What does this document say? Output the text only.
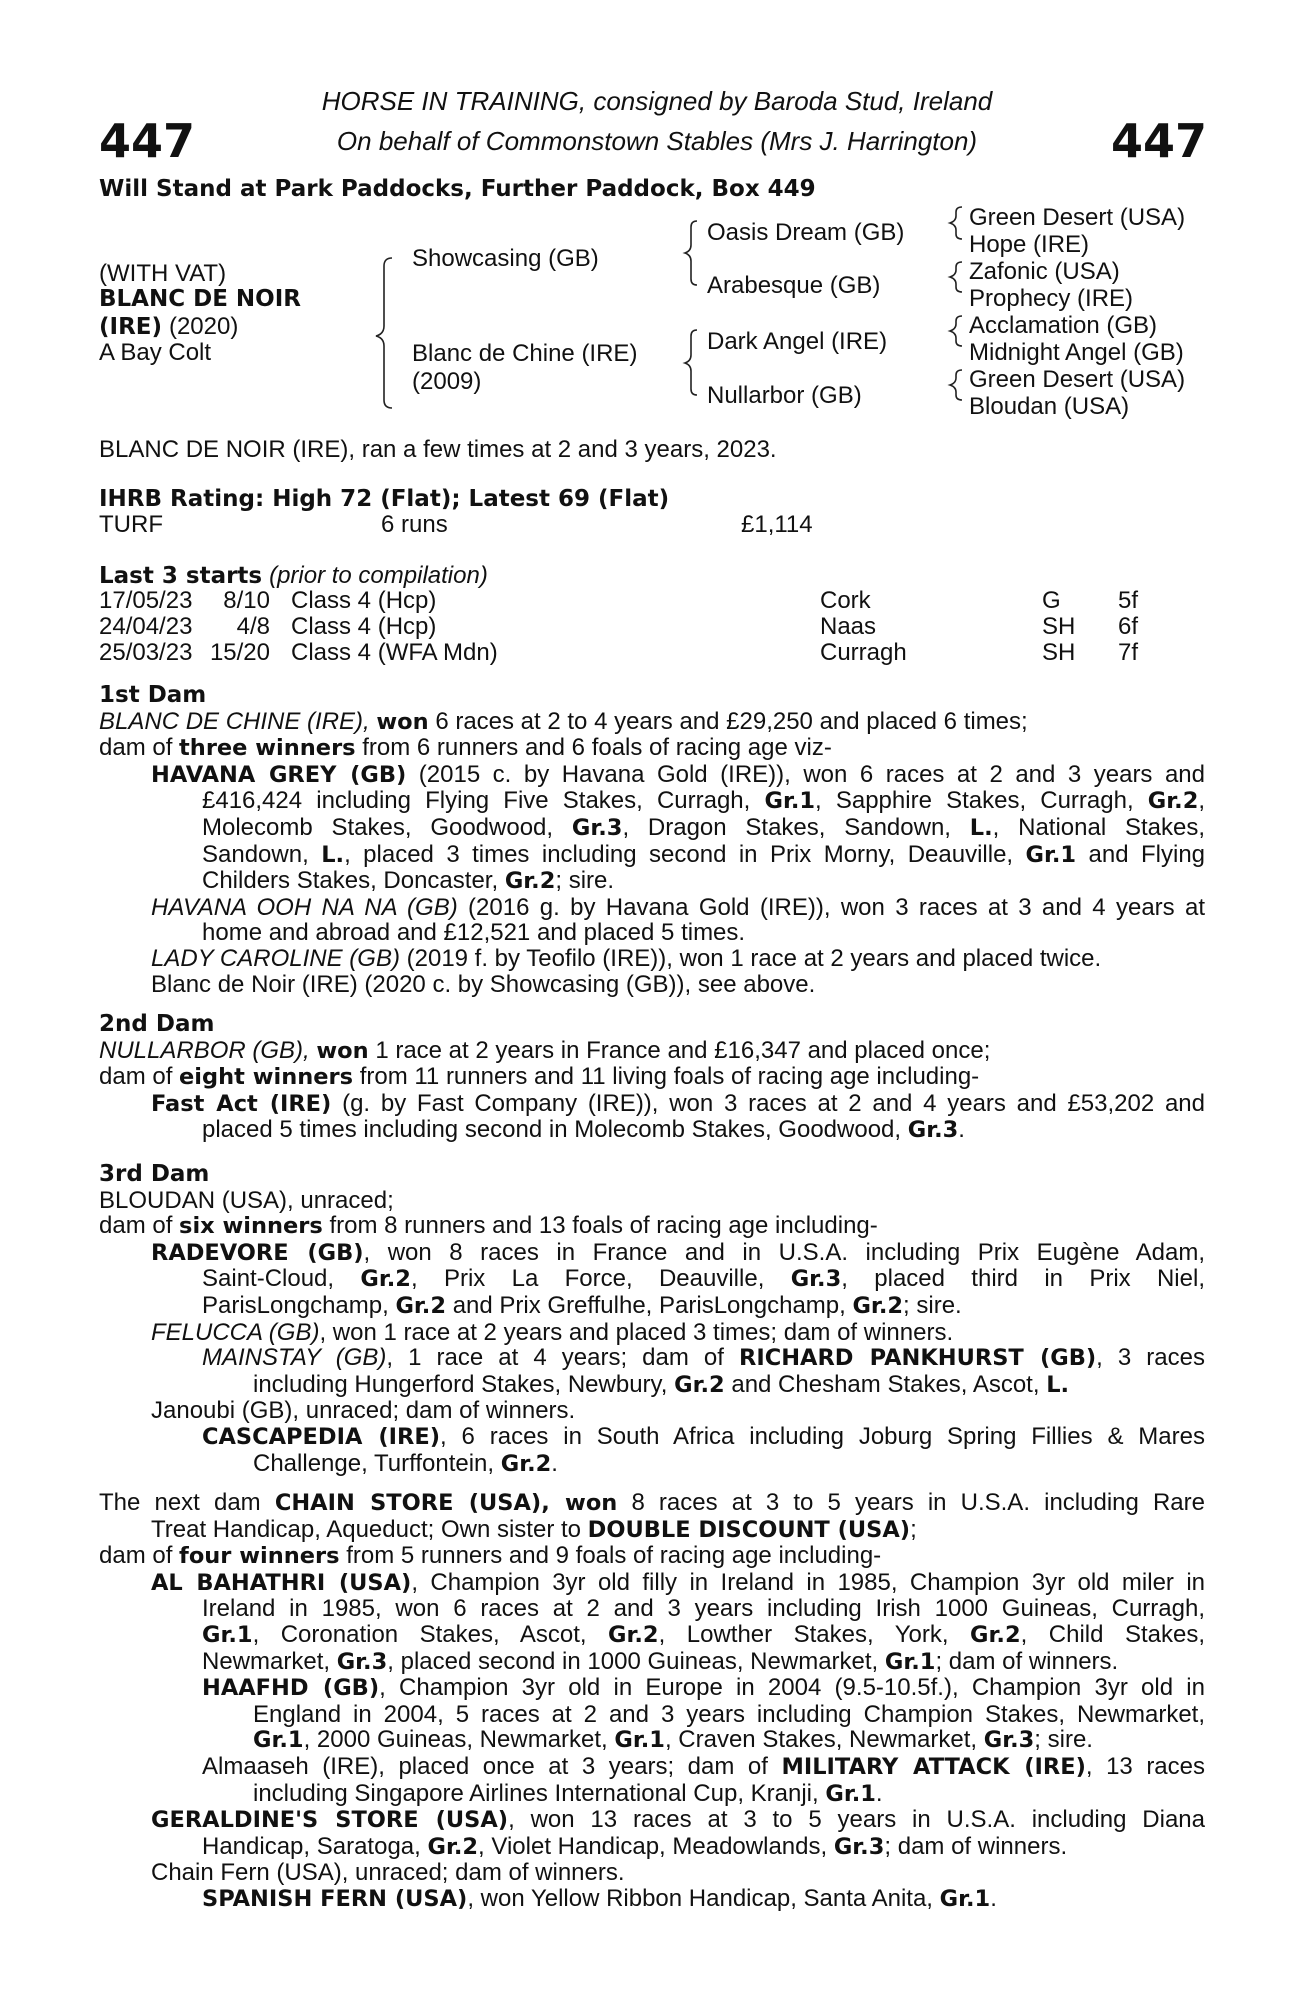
447	447
HORSE IN TRAINING, consigned by Baroda Stud, Ireland
On behalf of Commonstown Stables (Mrs J. Harrington)
Will Stand at Park Paddocks, Further Paddock, Box 449
(WITH VAT)
BLANC DE NOIR
(IRE) (2020)
A Bay Colt
Showcasing (GB)
Blanc de Chine (IRE)
(2009)
Oasis Dream (GB)
Arabesque (GB)
Dark Angel (IRE)
Nullarbor (GB)
Green Desert (USA)
Hope (IRE)
Zafonic (USA)
Prophecy (IRE)
Acclamation (GB)
Midnight Angel (GB)
Green Desert (USA)
Bloudan (USA)
BLANC DE NOIR (IRE), ran a few times at 2 and 3 years, 2023.
IHRB Rating: High 72 (Flat); Latest 69 (Flat)
TURF	6 runs	£1,114
Last 3 starts (prior to compilation)
17/05/23	8/10 Class 4 (Hcp)	Cork	G 5f
24/04/23	4/8 Class 4 (Hcp)	Naas	SH 6f
25/03/23 15/20 Class 4 (WFA Mdn)	Curragh	SH 7f
1st Dam
BLANC DE CHINE (IRE), won 6 races at 2 to 4 years and £29,250 and placed 6 times;
dam of three winners from 6 runners and 6 foals of racing age viz-
HAVANA GREY (GB) (2015 c. by Havana Gold (IRE)), won 6 races at 2 and 3 years and
£416,424 including Flying Five Stakes, Curragh, Gr.1, Sapphire Stakes, Curragh, Gr.2,
Molecomb Stakes, Goodwood, Gr.3, Dragon Stakes, Sandown, L., National Stakes,
Sandown, L., placed 3 times including second in Prix Morny, Deauville, Gr.1 and Flying
Childers Stakes, Doncaster, Gr.2; sire.
HAVANA OOH NA NA (GB) (2016 g. by Havana Gold (IRE)), won 3 races at 3 and 4 years at
home and abroad and £12,521 and placed 5 times.
LADY CAROLINE (GB) (2019 f. by Teofilo (IRE)), won 1 race at 2 years and placed twice.
Blanc de Noir (IRE) (2020 c. by Showcasing (GB)), see above.
2nd Dam
NULLARBOR (GB), won 1 race at 2 years in France and £16,347 and placed once;
dam of eight winners from 11 runners and 11 living foals of racing age including-
Fast Act (IRE) (g. by Fast Company (IRE)), won 3 races at 2 and 4 years and £53,202 and
placed 5 times including second in Molecomb Stakes, Goodwood, Gr.3.
3rd Dam
BLOUDAN (USA), unraced;
dam of six winners from 8 runners and 13 foals of racing age including-
RADEVORE (GB), won 8 races in France and in U.S.A. including Prix Eugène Adam,
Saint-Cloud, Gr.2, Prix La Force, Deauville, Gr.3, placed third in Prix Niel,
ParisLongchamp, Gr.2 and Prix Greffulhe, ParisLongchamp, Gr.2; sire.
FELUCCA (GB), won 1 race at 2 years and placed 3 times; dam of winners.
MAINSTAY (GB), 1 race at 4 years; dam of RICHARD PANKHURST (GB), 3 races
including Hungerford Stakes, Newbury, Gr.2 and Chesham Stakes, Ascot, L.
Janoubi (GB), unraced; dam of winners.
CASCAPEDIA (IRE), 6 races in South Africa including Joburg Spring Fillies & Mares
Challenge, Turffontein, Gr.2.
The next dam CHAIN STORE (USA), won 8 races at 3 to 5 years in U.S.A. including Rare
Treat Handicap, Aqueduct; Own sister to DOUBLE DISCOUNT (USA);
dam of four winners from 5 runners and 9 foals of racing age including-
AL BAHATHRI (USA), Champion 3yr old filly in Ireland in 1985, Champion 3yr old miler in
Ireland in 1985, won 6 races at 2 and 3 years including Irish 1000 Guineas, Curragh,
Gr.1, Coronation Stakes, Ascot, Gr.2, Lowther Stakes, York, Gr.2, Child Stakes,
Newmarket, Gr.3, placed second in 1000 Guineas, Newmarket, Gr.1; dam of winners.
HAAFHD (GB), Champion 3yr old in Europe in 2004 (9.5-10.5f.), Champion 3yr old in
England in 2004, 5 races at 2 and 3 years including Champion Stakes, Newmarket,
Gr.1, 2000 Guineas, Newmarket, Gr.1, Craven Stakes, Newmarket, Gr.3; sire.
Almaaseh (IRE), placed once at 3 years; dam of MILITARY ATTACK (IRE), 13 races
including Singapore Airlines International Cup, Kranji, Gr.1.
GERALDINE'S STORE (USA), won 13 races at 3 to 5 years in U.S.A. including Diana
Handicap, Saratoga, Gr.2, Violet Handicap, Meadowlands, Gr.3; dam of winners.
Chain Fern (USA), unraced; dam of winners.
SPANISH FERN (USA), won Yellow Ribbon Handicap, Santa Anita, Gr.1.
